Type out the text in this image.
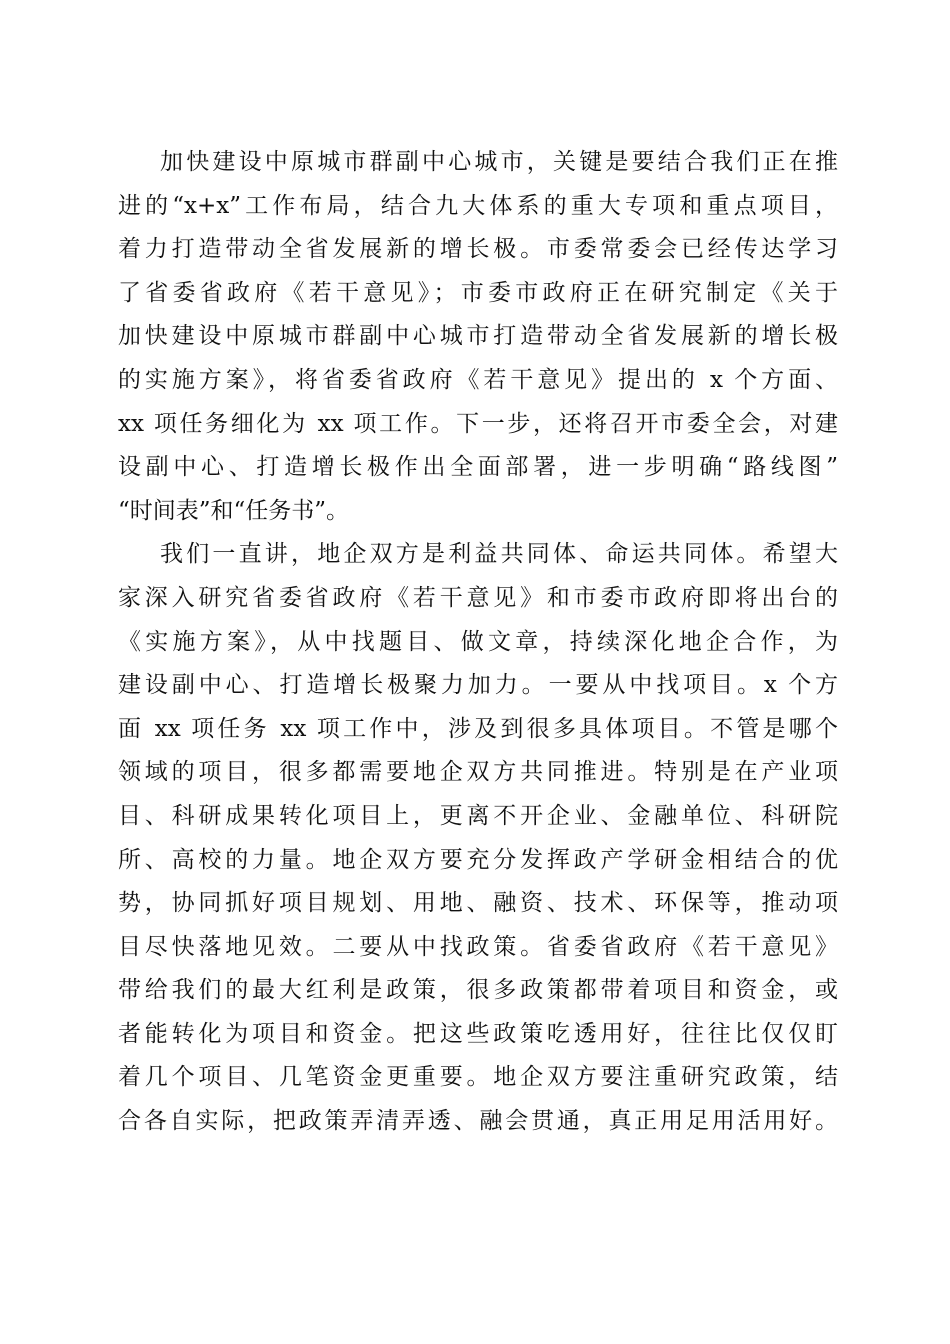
加快建设中原城市群副中心城市，关键是要结合我们正在推
进的“x+x”工作布局，结合九大体系的重大专项和重点项目，
着力打造带动全省发展新的增长极。市委常委会已经传达学习
了省委省政府《若干意见》；市委市政府正在研究制定《关于
加快建设中原城市群副中心城市打造带动全省发展新的增长极
的实施方案》，将省委省政府《若干意见》提出的 x 个方面、
xx 项任务细化为 xx 项工作。下一步，还将召开市委全会，对建
设副中心、打造增长极作出全面部署，进一步明确“路线图”
“时间表”和“任务书”。
我们一直讲，地企双方是利益共同体、命运共同体。希望大
家深入研究省委省政府《若干意见》和市委市政府即将出台的
《实施方案》，从中找题目、做文章，持续深化地企合作，为
建设副中心、打造增长极聚力加力。一要从中找项目。x 个方
面 xx 项任务 xx 项工作中，涉及到很多具体项目。不管是哪个
领域的项目，很多都需要地企双方共同推进。特别是在产业项
目、科研成果转化项目上，更离不开企业、金融单位、科研院
所、高校的力量。地企双方要充分发挥政产学研金相结合的优
势，协同抓好项目规划、用地、融资、技术、环保等，推动项
目尽快落地见效。二要从中找政策。省委省政府《若干意见》
带给我们的最大红利是政策，很多政策都带着项目和资金，或
者能转化为项目和资金。把这些政策吃透用好，往往比仅仅盯
着几个项目、几笔资金更重要。地企双方要注重研究政策，结
合各自实际，把政策弄清弄透、融会贯通，真正用足用活用好。
